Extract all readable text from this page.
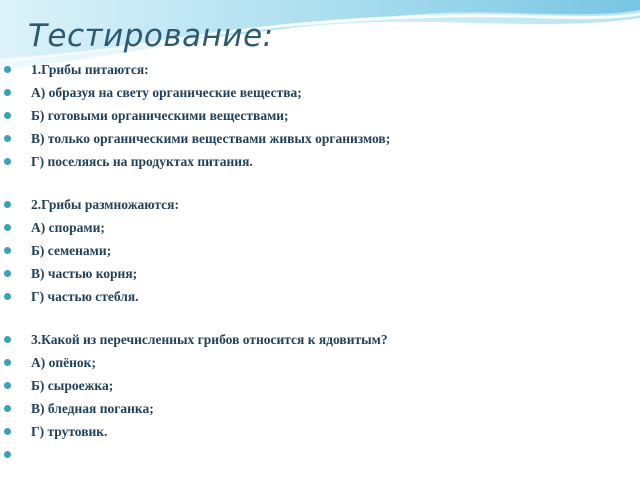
Тестирование:
1.Грибы питаются:
А) образуя на свету органические вещества;
Б) готовыми органическими веществами;
В) только органическими веществами живых организмов;
Г) поселяясь на продуктах питания.
2.Грибы размножаются:
А) спорами;
Б) семенами;
В) частью корня;
Г) частью стебля.
3.Какой из перечисленных грибов относится к ядовитым?
А) опёнок;
Б) сыроежка;
В) бледная поганка;
Г) трутовик.
